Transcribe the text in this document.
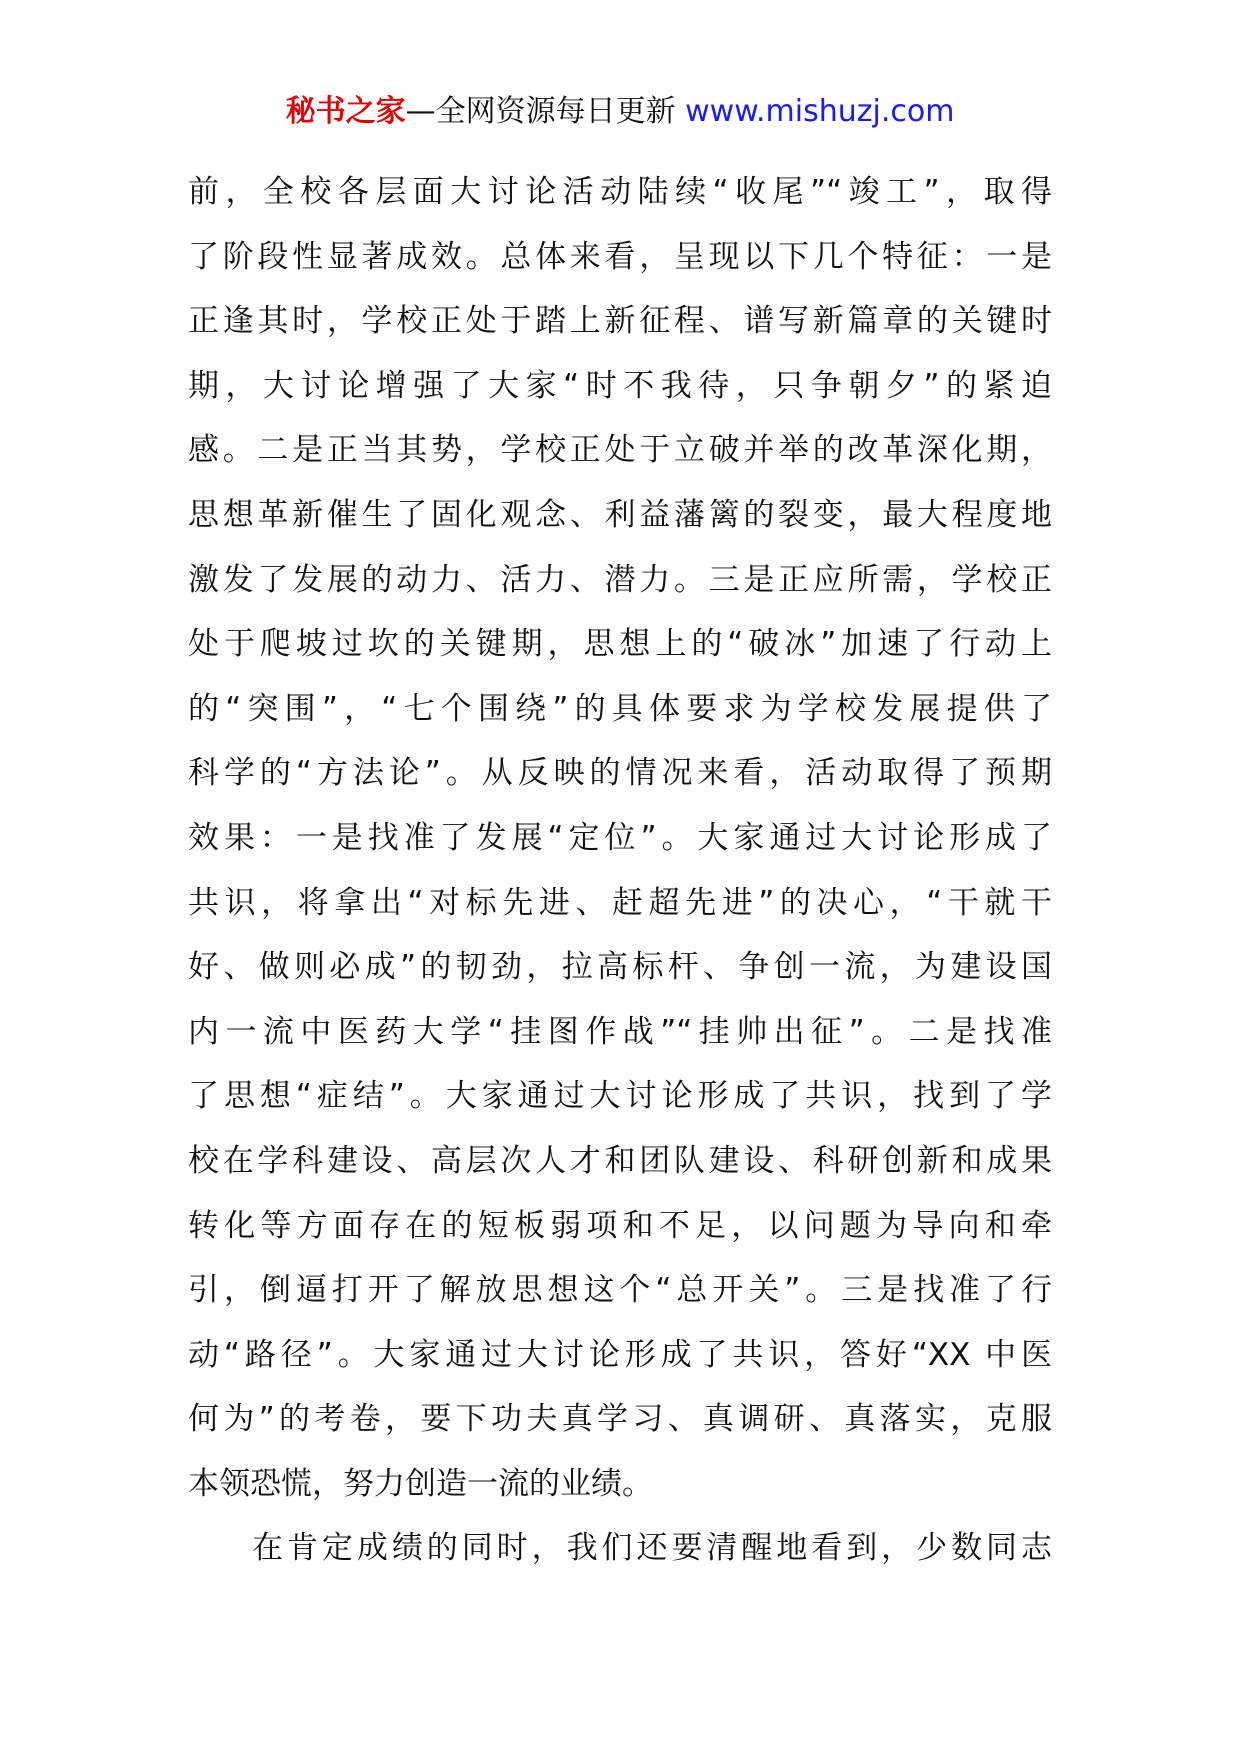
秘书之家—全网资源每日更新 www.mishuzj.com
前，全校各层面大讨论活动陆续“收尾”“竣工”，取得
了阶段性显著成效。总体来看，呈现以下几个特征：一是
正逢其时，学校正处于踏上新征程、谱写新篇章的关键时
期，大讨论增强了大家“时不我待，只争朝夕”的紧迫
感。二是正当其势，学校正处于立破并举的改革深化期，
思想革新催生了固化观念、利益藩篱的裂变，最大程度地
激发了发展的动力、活力、潜力。三是正应所需，学校正
处于爬坡过坎的关键期，思想上的“破冰”加速了行动上
的“突围”，“七个围绕”的具体要求为学校发展提供了
科学的“方法论”。从反映的情况来看，活动取得了预期
效果：一是找准了发展“定位”。大家通过大讨论形成了
共识，将拿出“对标先进、赶超先进”的决心，“干就干
好、做则必成”的韧劲，拉高标杆、争创一流，为建设国
内一流中医药大学“挂图作战”“挂帅出征”。二是找准
了思想“症结”。大家通过大讨论形成了共识，找到了学
校在学科建设、高层次人才和团队建设、科研创新和成果
转化等方面存在的短板弱项和不足，以问题为导向和牵
引，倒逼打开了解放思想这个“总开关”。三是找准了行
动“路径”。大家通过大讨论形成了共识，答好“XX 中医
何为”的考卷，要下功夫真学习、真调研、真落实，克服
本领恐慌，努力创造一流的业绩。
在肯定成绩的同时，我们还要清醒地看到，少数同志
